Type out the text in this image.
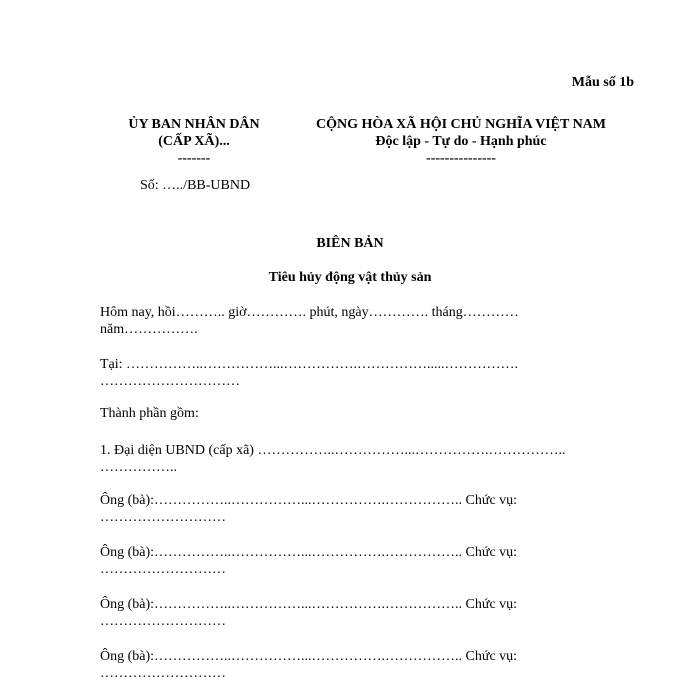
Mẫu số 1b
ỦY BAN NHÂN DÂN
(CẤP XÃ)...
-------
CỘNG HÒA XÃ HỘI CHỦ NGHĨA VIỆT NAM
Độc lập - Tự do - Hạnh phúc
---------------
Số: …../BB-UBND
BIÊN BẢN
Tiêu hủy động vật thủy sản
Hôm nay, hồi……….. giờ…………. phút, ngày…………. tháng…………
năm…………….
Tại: ……………..……………...…………….…………….....…………….
…………………………
Thành phần gồm:
1. Đại diện UBND (cấp xã) ……………..……………...…………….……………..
……………..
Ông (bà):……………..……………...…………….…………….. Chức vụ:
………………………
Ông (bà):……………..……………...…………….…………….. Chức vụ:
………………………
Ông (bà):……………..……………...…………….…………….. Chức vụ:
………………………
Ông (bà):……………..……………...…………….…………….. Chức vụ:
………………………
